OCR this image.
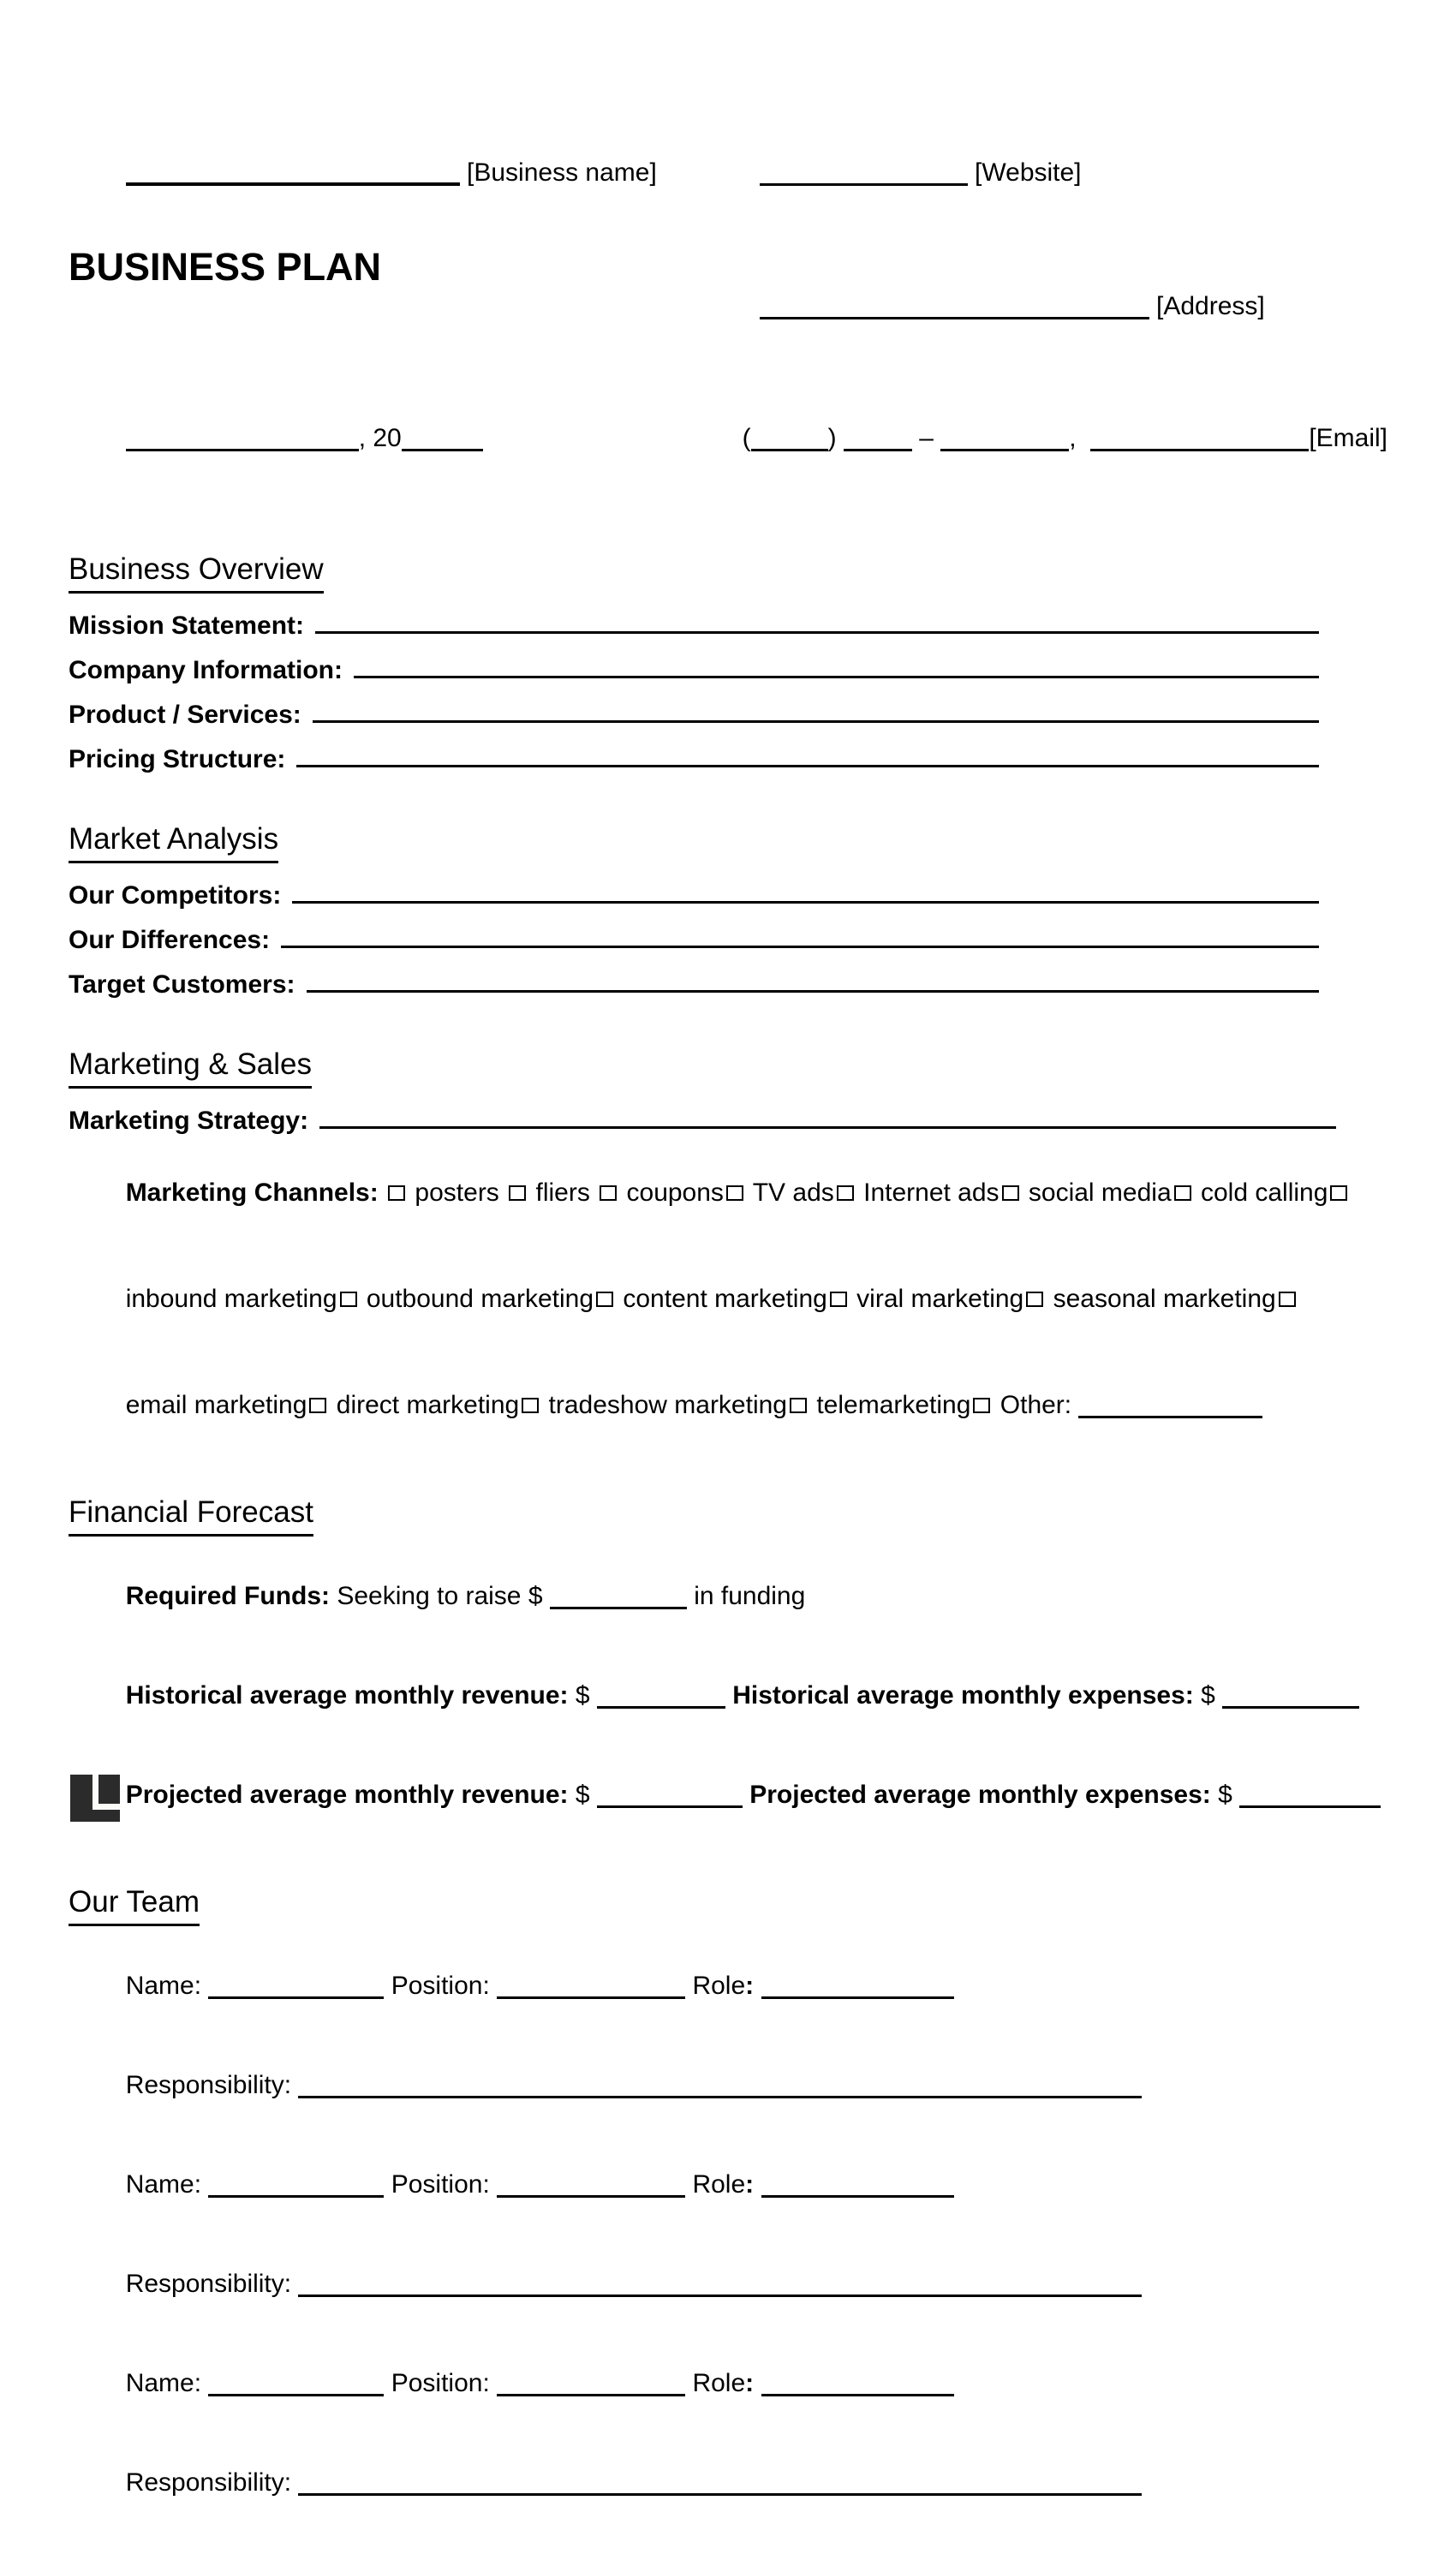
[Business name]
	[Website]

BUSINESS PLAN

[Address]

, 20
	(	)	–	,	[Email]

Business Overview
Mission Statement:
Company Information:
Product / Services:
Pricing Structure:
Market Analysis
Our Competitors:
Our Differences:
Target Customers:
Marketing & Sales
Marketing Strategy:

Marketing Channels:  posters  fliers  coupons TV ads Internet ads social media cold calling

inbound marketing outbound marketing content marketing viral marketing seasonal marketing

email marketing direct marketing tradeshow marketing telemarketing Other:

Financial Forecast

Required Funds: Seeking to raise $	in funding

Historical average monthly revenue: $	Historical average monthly expenses: $

Projected average monthly revenue: $	Projected average monthly expenses: $

Our Team

Name:	Position:	Role:

Responsibility:

Name:	Position:	Role:

Responsibility:

Name:	Position:	Role:

Responsibility:
